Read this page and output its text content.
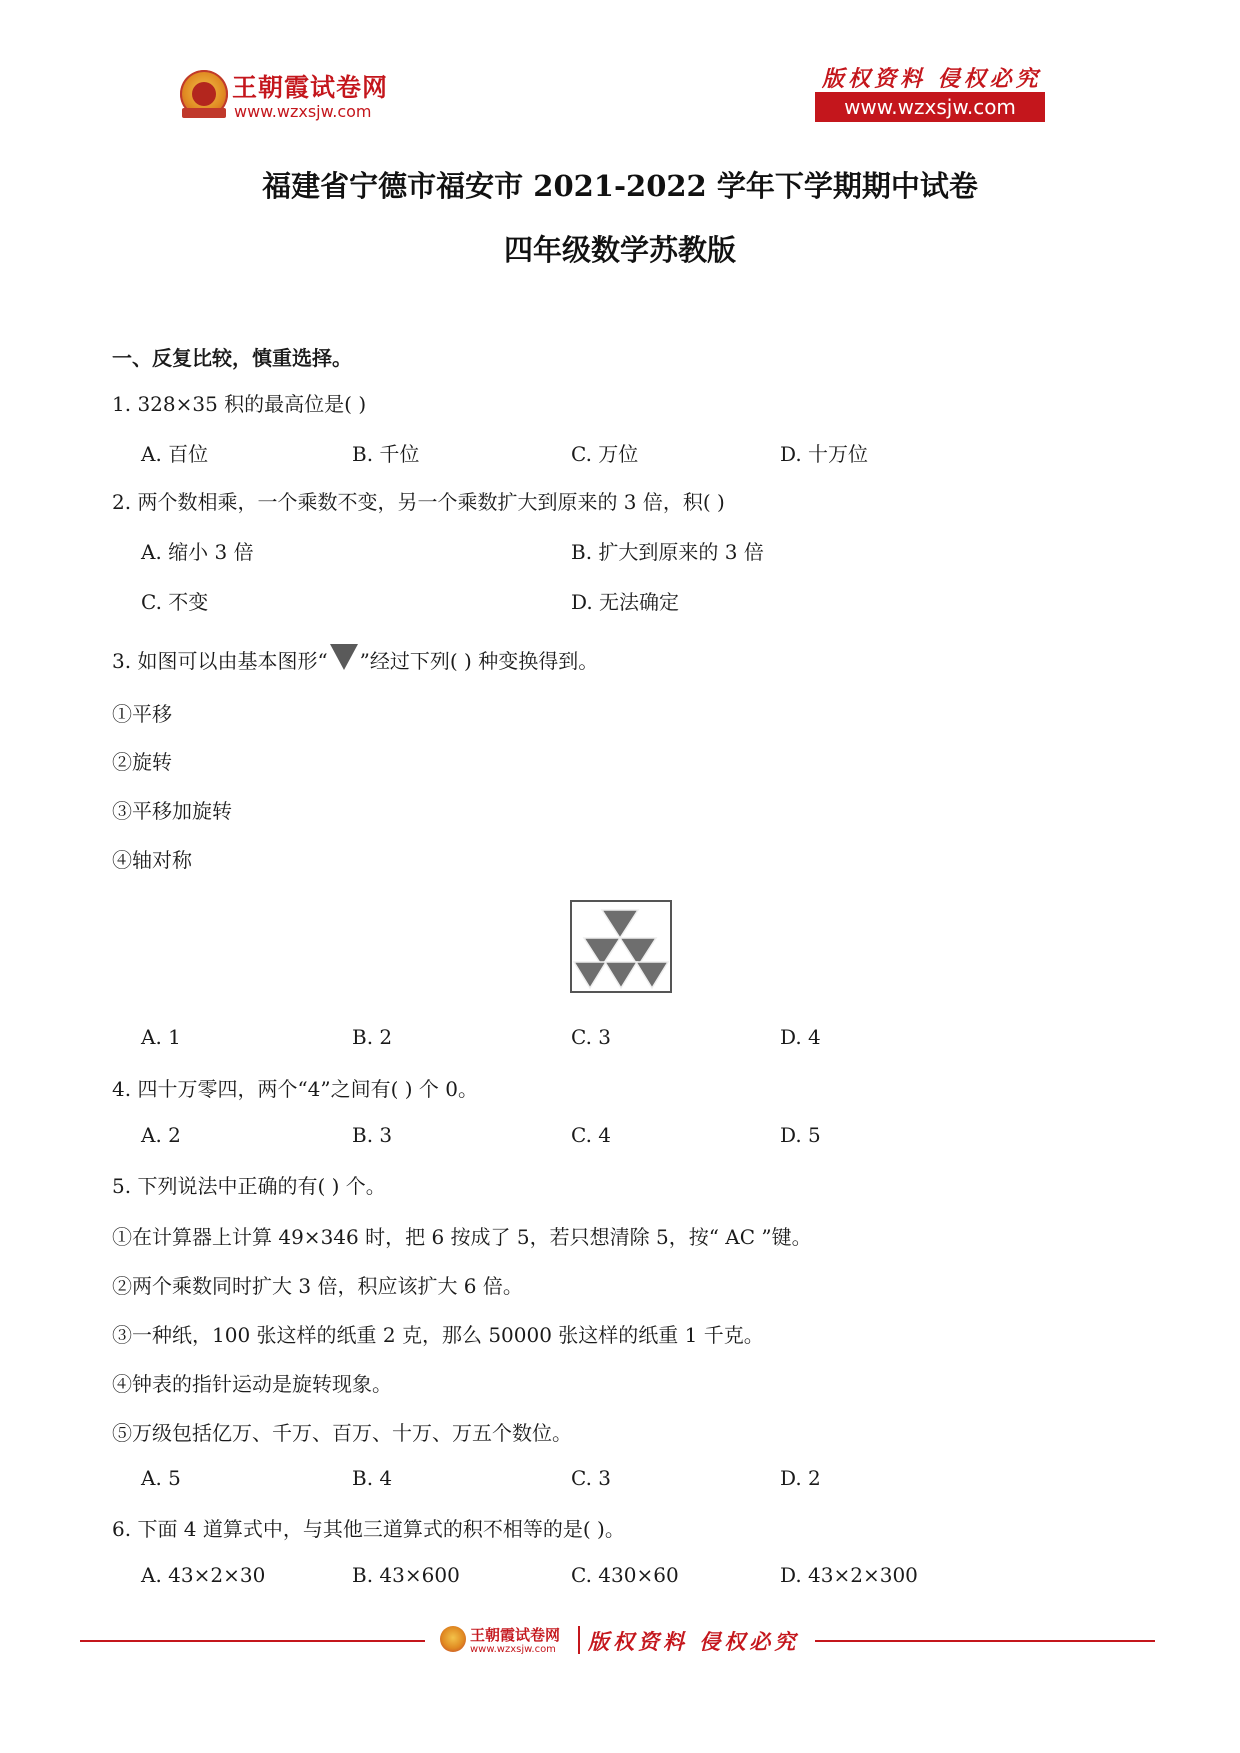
王朝霞试卷网
www.wzxsjw.com
版权资料 侵权必究
www.wzxsjw.com
福建省宁德市福安市 2021-2022 学年下学期期中试卷
四年级数学苏教版
一、反复比较，慎重选择。
1. 328×35 积的最高位是( )
A. 百位	B. 千位	C. 万位	D. 十万位
2. 两个数相乘，一个乘数不变，另一个乘数扩大到原来的 3 倍，积( )
A. 缩小 3 倍	B. 扩大到原来的 3 倍
C. 不变	D. 无法确定
3. 如图可以由基本图形“ ”经过下列( ) 种变换得到。
①平移
②旋转
③平移加旋转
④轴对称
A. 1	B. 2	C. 3	D. 4
4. 四十万零四，两个“4”之间有( ) 个 0。
A. 2	B. 3	C. 4	D. 5
5. 下列说法中正确的有( ) 个。
①在计算器上计算 49×346 时，把 6 按成了 5，若只想清除 5，按“ AC ”键。
②两个乘数同时扩大 3 倍，积应该扩大 6 倍。
③一种纸，100 张这样的纸重 2 克，那么 50000 张这样的纸重 1 千克。
④钟表的指针运动是旋转现象。
⑤万级包括亿万、千万、百万、十万、万五个数位。
A. 5	B. 4	C. 3	D. 2
6. 下面 4 道算式中，与其他三道算式的积不相等的是( )。
A. 43×2×30	B. 43×600	C. 430×60	D. 43×2×300
王朝霞试卷网
www.wzxsjw.com 版权资料 侵权必究
